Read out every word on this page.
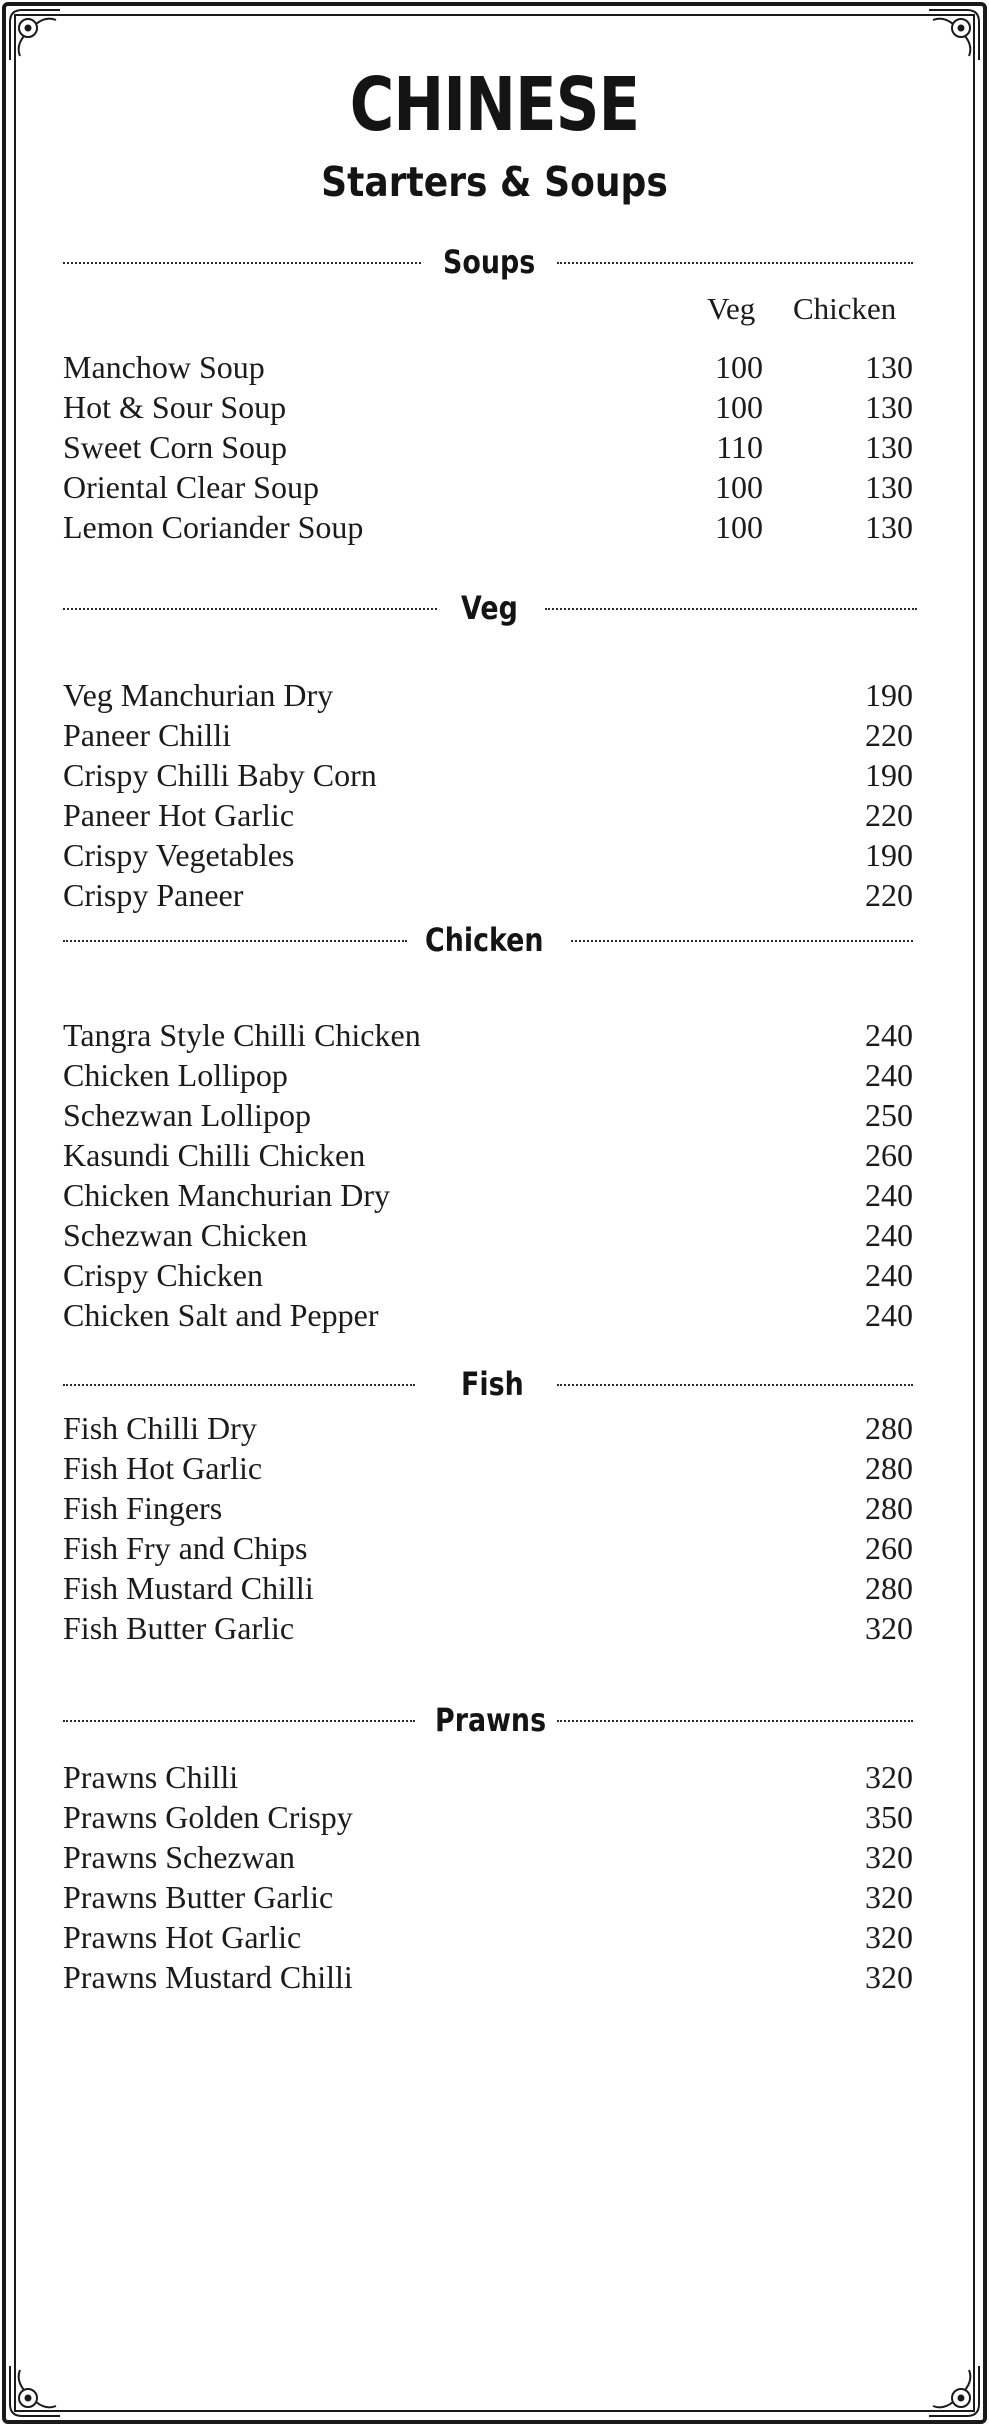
CHINESE
Starters & Soups
Soups
Veg Chicken
Manchow Soup	100	130
Hot & Sour Soup	100	130
Sweet Corn Soup	110	130
Oriental Clear Soup	100	130
Lemon Coriander Soup	100	130
Veg
Veg Manchurian Dry	190
Paneer Chilli	220
Crispy Chilli Baby Corn	190
Paneer Hot Garlic	220
Crispy Vegetables	190
Crispy Paneer	220
Chicken
Tangra Style Chilli Chicken	240
Chicken Lollipop	240
Schezwan Lollipop	250
Kasundi Chilli Chicken	260
Chicken Manchurian Dry	240
Schezwan Chicken	240
Crispy Chicken	240
Chicken Salt and Pepper	240
Fish
Fish Chilli Dry	280
Fish Hot Garlic	280
Fish Fingers	280
Fish Fry and Chips	260
Fish Mustard Chilli	280
Fish Butter Garlic	320
Prawns
Prawns Chilli	320
Prawns Golden Crispy	350
Prawns Schezwan	320
Prawns Butter Garlic	320
Prawns Hot Garlic	320
Prawns Mustard Chilli	320
